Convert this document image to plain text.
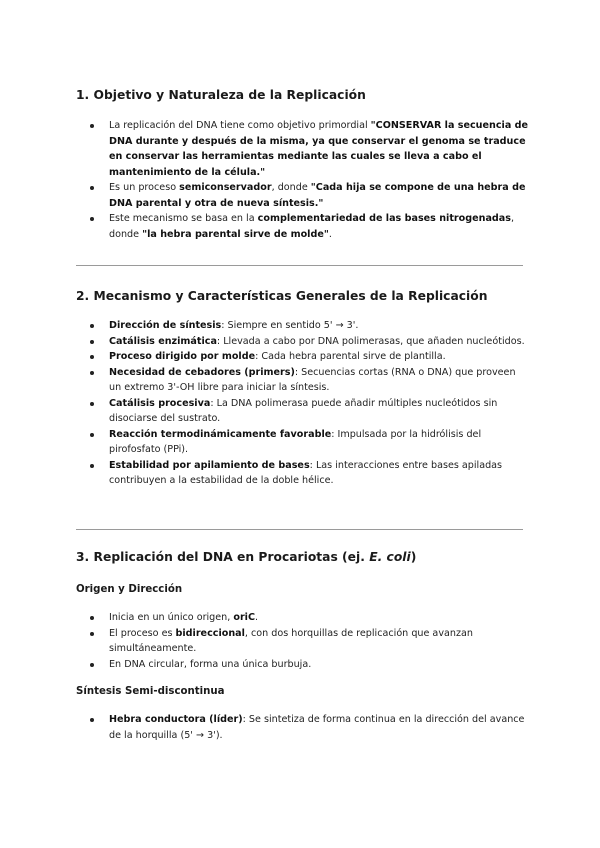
1. Objetivo y Naturaleza de la Replicación
La replicación del DNA tiene como objetivo primordial "CONSERVAR la secuencia de DNA durante y después de la misma, ya que conservar el genoma se traduce en conservar las herramientas mediante las cuales se lleva a cabo el mantenimiento de la célula."
Es un proceso semiconservador, donde "Cada hija se compone de una hebra de DNA parental y otra de nueva síntesis."
Este mecanismo se basa en la complementariedad de las bases nitrogenadas, donde "la hebra parental sirve de molde".
2. Mecanismo y Características Generales de la Replicación
Dirección de síntesis: Siempre en sentido 5' → 3'.
Catálisis enzimática: Llevada a cabo por DNA polimerasas, que añaden nucleótidos.
Proceso dirigido por molde: Cada hebra parental sirve de plantilla.
Necesidad de cebadores (primers): Secuencias cortas (RNA o DNA) que proveen un extremo 3'-OH libre para iniciar la síntesis.
Catálisis procesiva: La DNA polimerasa puede añadir múltiples nucleótidos sin disociarse del sustrato.
Reacción termodinámicamente favorable: Impulsada por la hidrólisis del pirofosfato (PPi).
Estabilidad por apilamiento de bases: Las interacciones entre bases apiladas contribuyen a la estabilidad de la doble hélice.
3. Replicación del DNA en Procariotas (ej. E. coli)
Origen y Dirección
Inicia en un único origen, oriC.
El proceso es bidireccional, con dos horquillas de replicación que avanzan simultáneamente.
En DNA circular, forma una única burbuja.
Síntesis Semi-discontinua
Hebra conductora (líder): Se sintetiza de forma continua en la dirección del avance de la horquilla (5' → 3').
